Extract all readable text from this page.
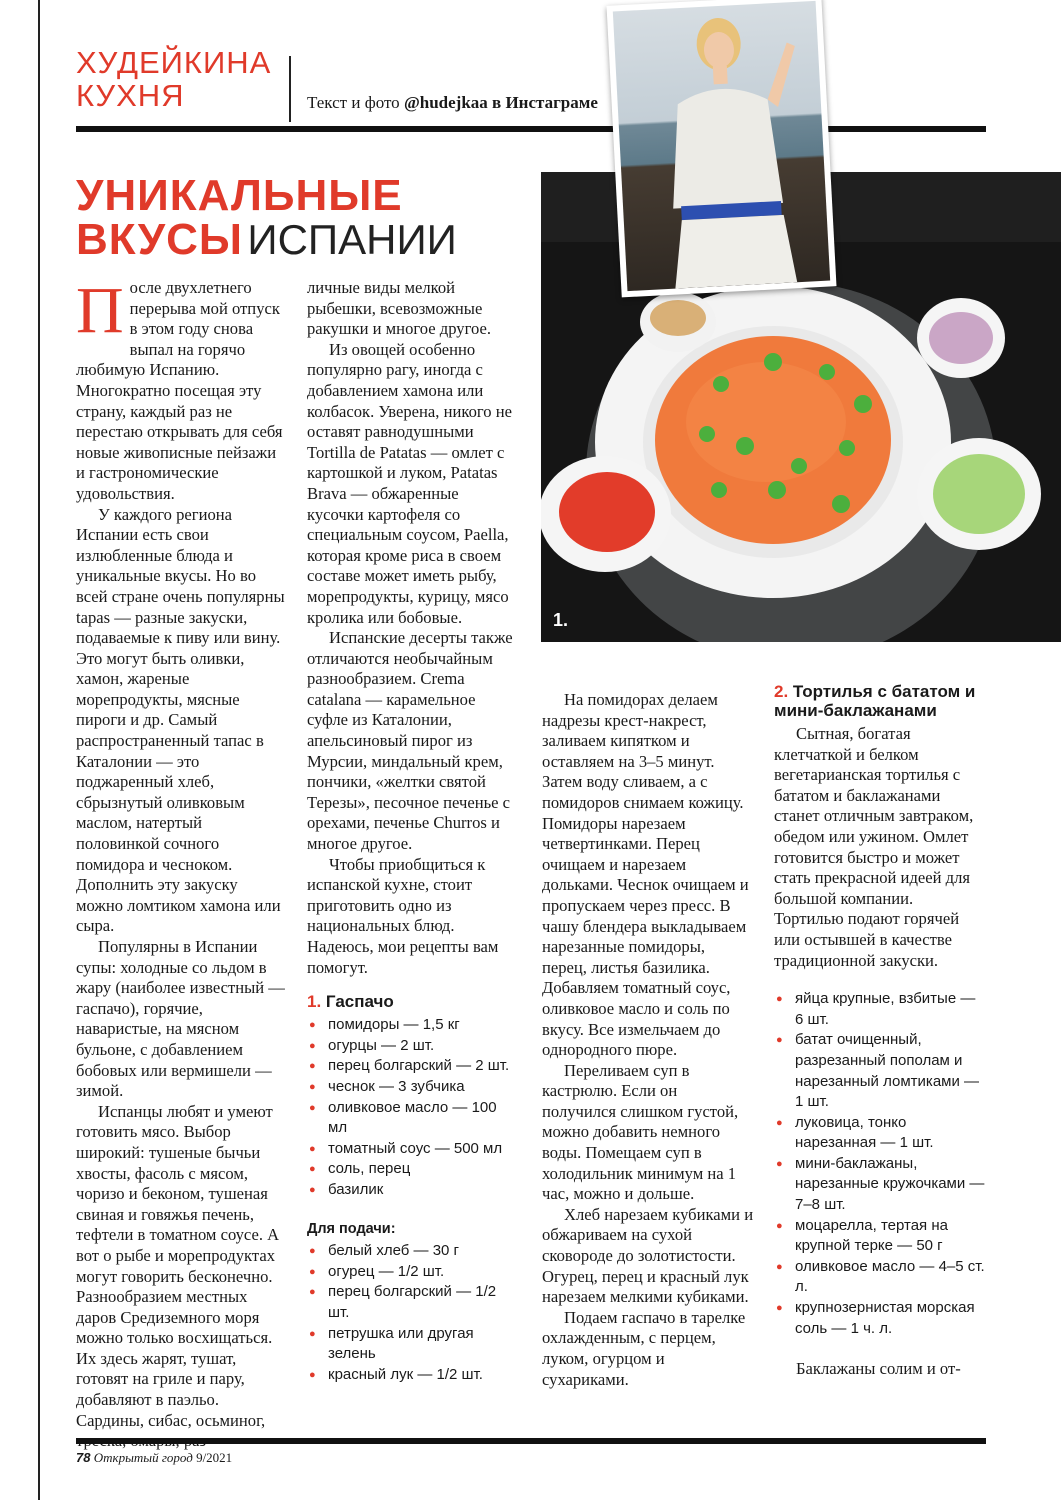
ХУДЕЙКИНА
КУХНЯ	Текст и фото @hudejkaa в Инстаграме
УНИКАЛЬНЫЕ
ВКУСЫ ИСПАНИИ
1.

После двухлетнего перерыва мой отпуск в этом году снова выпал на горячо любимую Испанию. Многократно посещая эту страну, каждый раз не перестаю открывать для себя новые живописные пейзажи и гастрономические удовольствия.

У каждого региона Испании есть свои излюбленные блюда и уникальные вкусы. Но во всей стране очень популярны tapas — разные закуски, подаваемые к пиву или вину. Это могут быть оливки, хамон, жареные морепродукты, мясные пироги и др. Самый распространенный тапас в Каталонии — это поджаренный хлеб, сбрызнутый оливковым маслом, натертый половинкой сочного помидора и чесноком. Дополнить эту закуску можно ломтиком хамона или сыра.

Популярны в Испании супы: холодные со льдом в жару (наиболее известный — гаспачо), горячие, наваристые, на мясном бульоне, с добавлением бобовых или вермишели — зимой.

Испанцы любят и умеют готовить мясо. Выбор широкий: тушеные бычьи хвосты, фасоль с мясом, чоризо и беконом, тушеная свиная и говяжья печень, тефтели в томатном соусе. А вот о рыбе и морепродуктах могут говорить бесконечно. Разнообразием местных даров Средиземного моря можно только восхищаться. Их здесь жарят, тушат, готовят на гриле и пару, добавляют в паэльо. Сардины, сибас, осьминог,

личные виды мелкой рыбешки, всевозможные ракушки и многое другое.

Из овощей особенно популярно рагу, иногда с добавлением хамона или колбасок. Уверена, никого не оставят равнодушными Tortilla de Patatas — омлет с картошкой и луком, Patatas Brava — обжаренные кусочки картофеля со специальным соусом, Paella, которая кроме риса в своем составе может иметь рыбу, морепродукты, курицу, мясо кролика или бобовые.

Испанские десерты также отличаются необычайным разнообразием. Crema catalana — карамельное суфле из Каталонии, апельсиновый пирог из Мурсии, миндальный крем, пончики, «желтки святой Терезы», песочное печенье с орехами, печенье Churros и многое другое.

Чтобы приобщиться к испанской кухне, стоит приготовить одно из национальных блюд. Надеюсь, мои рецепты вам помогут.

1. Гаспачо
● помидоры — 1,5 кг
● огурцы — 2 шт.
● перец болгарский — 2 шт.
● чеснок — 3 зубчика
● оливковое масло — 100 мл
● томатный соус — 500 мл
● соль, перец
● базилик
Для подачи:
● белый хлеб — 30 г
● огурец — 1/2 шт.
● перец болгарский — 1/2 шт.
● петрушка или другая зелень
● красный лук — 1/2 шт.

На помидорах делаем надрезы крест-накрест, заливаем кипятком и оставляем на 3–5 минут. Затем воду сливаем, а с помидоров снимаем кожицу. Помидоры нарезаем четвертинками. Перец очищаем и нарезаем дольками. Чеснок очищаем и пропускаем через пресс. В чашу блендера выкладываем нарезанные помидоры, перец, листья базилика. Добавляем томатный соус, оливковое масло и соль по вкусу. Все измельчаем до однородного пюре.

Переливаем суп в кастрюлю. Если он получился слишком густой, можно добавить немного воды. Помещаем суп в холодильник минимум на 1 час, можно и дольше.

Хлеб нарезаем кубиками и обжариваем на сухой сковороде до золотистости. Огурец, перец и красный лук нарезаем мелкими кубиками.

Подаем гаспачо в тарелке охлажденным, с перцем, луком, огурцом и сухариками.

2. Тортилья с бататом и мини-баклажанами

Сытная, богатая клетчаткой и белком вегетарианская тортилья с бататом и баклажанами станет отличным завтраком, обедом или ужином. Омлет готовится быстро и может стать прекрасной идеей для большой компании. Тортилью подают горячей или остывшей в качестве традиционной закуски.

● яйца крупные, взбитые — 6 шт.
● батат очищенный, разрезанный пополам и нарезанный ломтиками — 1 шт.
● луковица, тонко нарезанная — 1 шт.
● мини-баклажаны, нарезанные кружочками — 7–8 шт.
● моцарелла, тертая на крупной терке — 50 г
● оливковое масло — 4–5 ст. л.
● крупнозернистая морская соль — 1 ч. л.

Баклажаны солим и от-

78 Открытый город 9/2021
